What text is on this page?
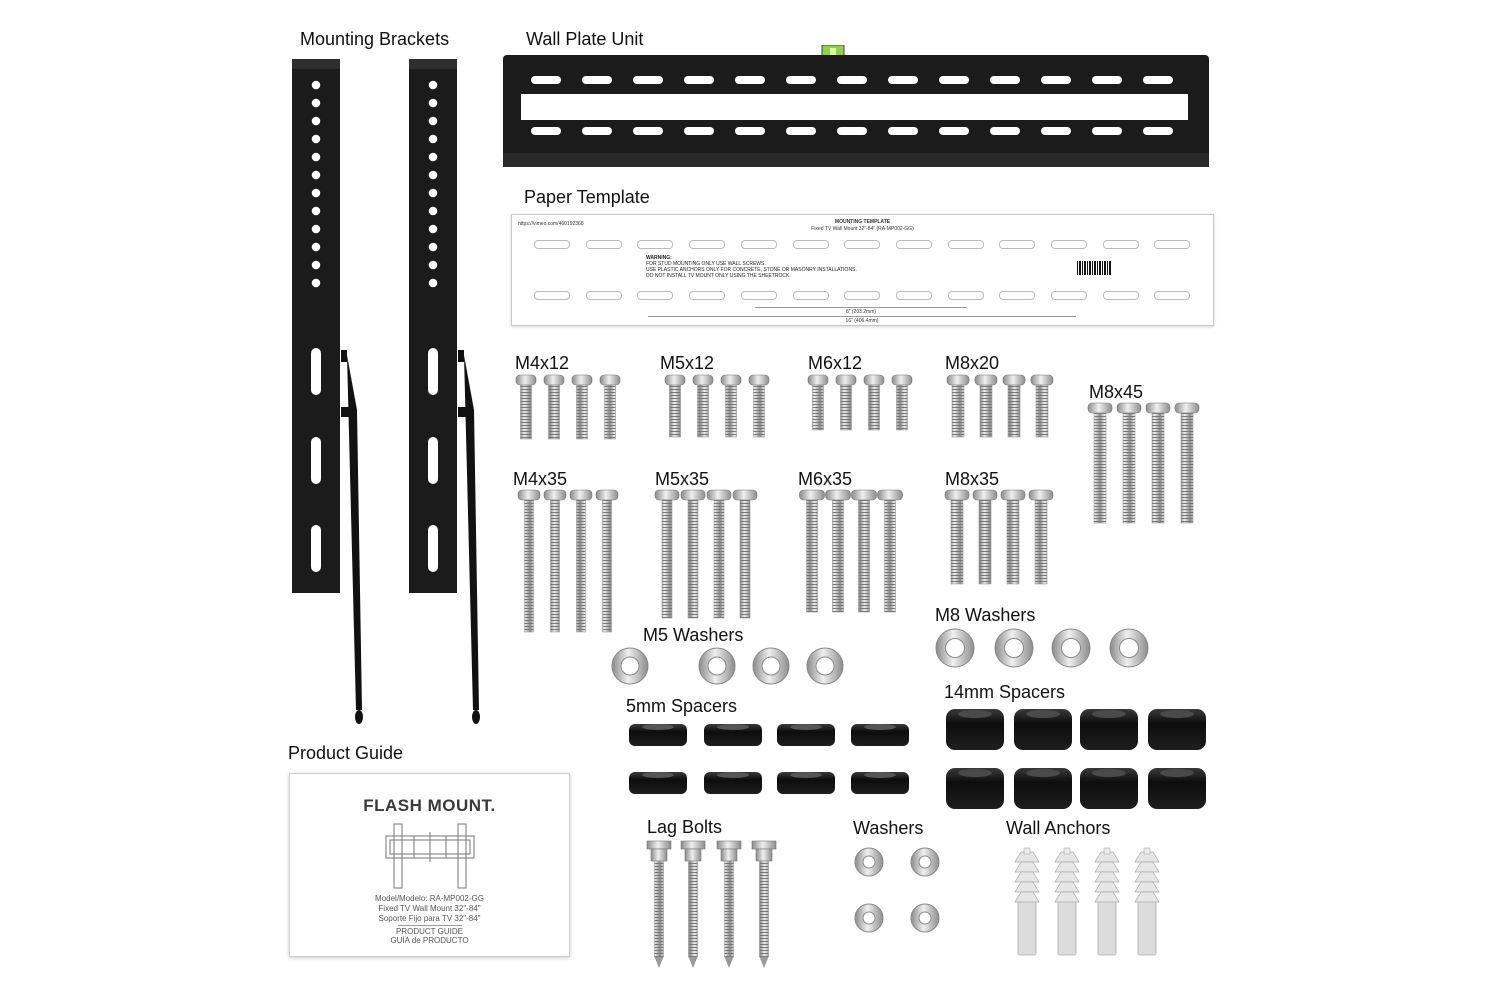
Mounting Brackets	Wall Plate Unit
Paper Template
Product Guide
M4x12	M5x12	M6x12	M8x20
M8x45
M4x35	M5x35	M6x35	M8x35
M5 Washers
M8 Washers
5mm Spacers
14mm Spacers
Lag Bolts	Washers	Wall Anchors
https://vimeo.com/460192368	MOUNTING TEMPLATE
Fixed TV Wall Mount 32"-84" (RA-MP002-GG)
WARNING:
FOR STUD MOUNTING ONLY USE WALL SCREWS.
USE PLASTIC ANCHORS ONLY FOR CONCRETE, STONE OR MASONRY INSTALLATIONS.
DO NOT INSTALL TV MOUNT ONLY USING THE SHEETROCK.
8" (203.2mm)
16" (406.4mm)
FLASH MOUNT.
Model/Modelo: RA-MP002-GG
Fixed TV Wall Mount 32"-84"
Soporte Fijo para TV 32"-84"
PRODUCT GUIDE
GUÍA de PRODUCTO
